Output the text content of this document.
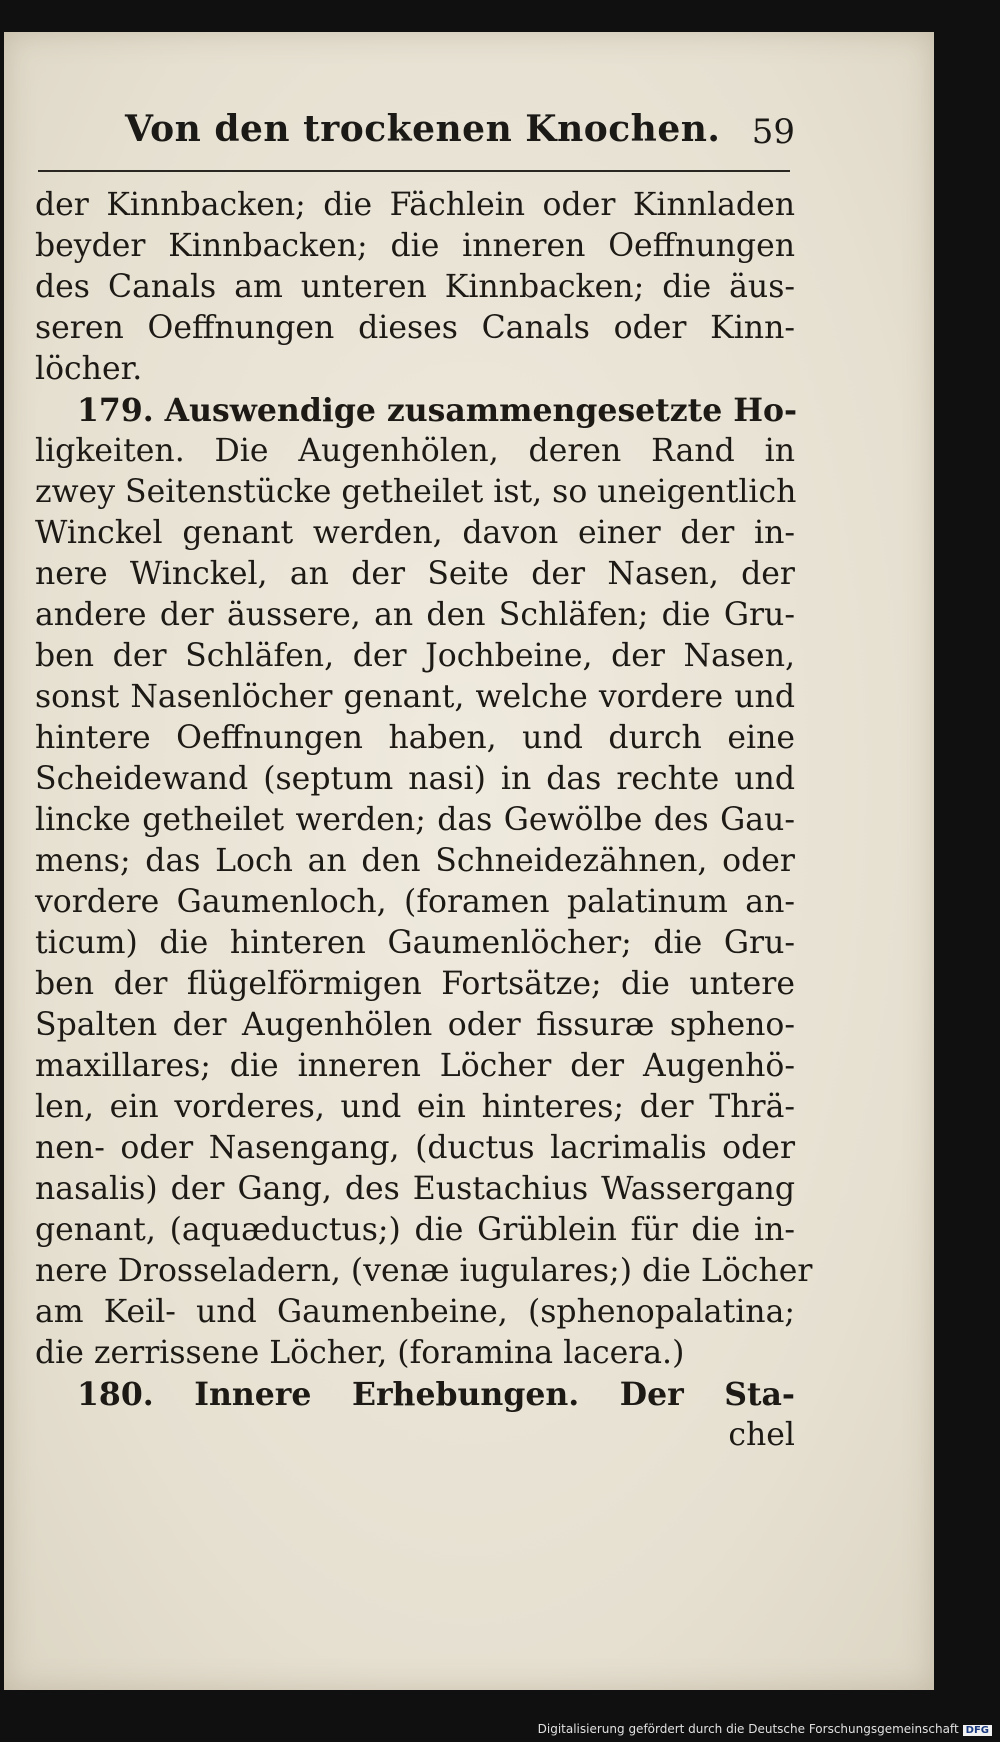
Von den trockenen Knochen. 59
der Kinnbacken; die Fächlein oder Kinnladen
beyder Kinnbacken; die inneren Oeffnungen
des Canals am unteren Kinnbacken; die äus-
seren Oeffnungen dieses Canals oder Kinn-
löcher.
179. Auswendige zusammengesetzte Ho-
ligkeiten. Die Augenhölen, deren Rand in
zwey Seitenstücke getheilet ist, so uneigentlich
Winckel genant werden, davon einer der in-
nere Winckel, an der Seite der Nasen, der
andere der äussere, an den Schläfen; die Gru-
ben der Schläfen, der Jochbeine, der Nasen,
sonst Nasenlöcher genant, welche vordere und
hintere Oeffnungen haben, und durch eine
Scheidewand (septum nasi) in das rechte und
lincke getheilet werden; das Gewölbe des Gau-
mens; das Loch an den Schneidezähnen, oder
vordere Gaumenloch, (foramen palatinum an-
ticum) die hinteren Gaumenlöcher; die Gru-
ben der flügelförmigen Fortsätze; die untere
Spalten der Augenhölen oder fissuræ spheno-
maxillares; die inneren Löcher der Augenhö-
len, ein vorderes, und ein hinteres; der Thrä-
nen- oder Nasengang, (ductus lacrimalis oder
nasalis) der Gang, des Eustachius Wassergang
genant, (aquæductus;) die Grüblein für die in-
nere Drosseladern, (venæ iugulares;) die Löcher
am Keil- und Gaumenbeine, (sphenopalatina;
die zerrissene Löcher, (foramina lacera.)
180. Innere Erhebungen. Der Sta-
chel
Digitalisierung gefördert durch die Deutsche Forschungsgemeinschaft DFG
